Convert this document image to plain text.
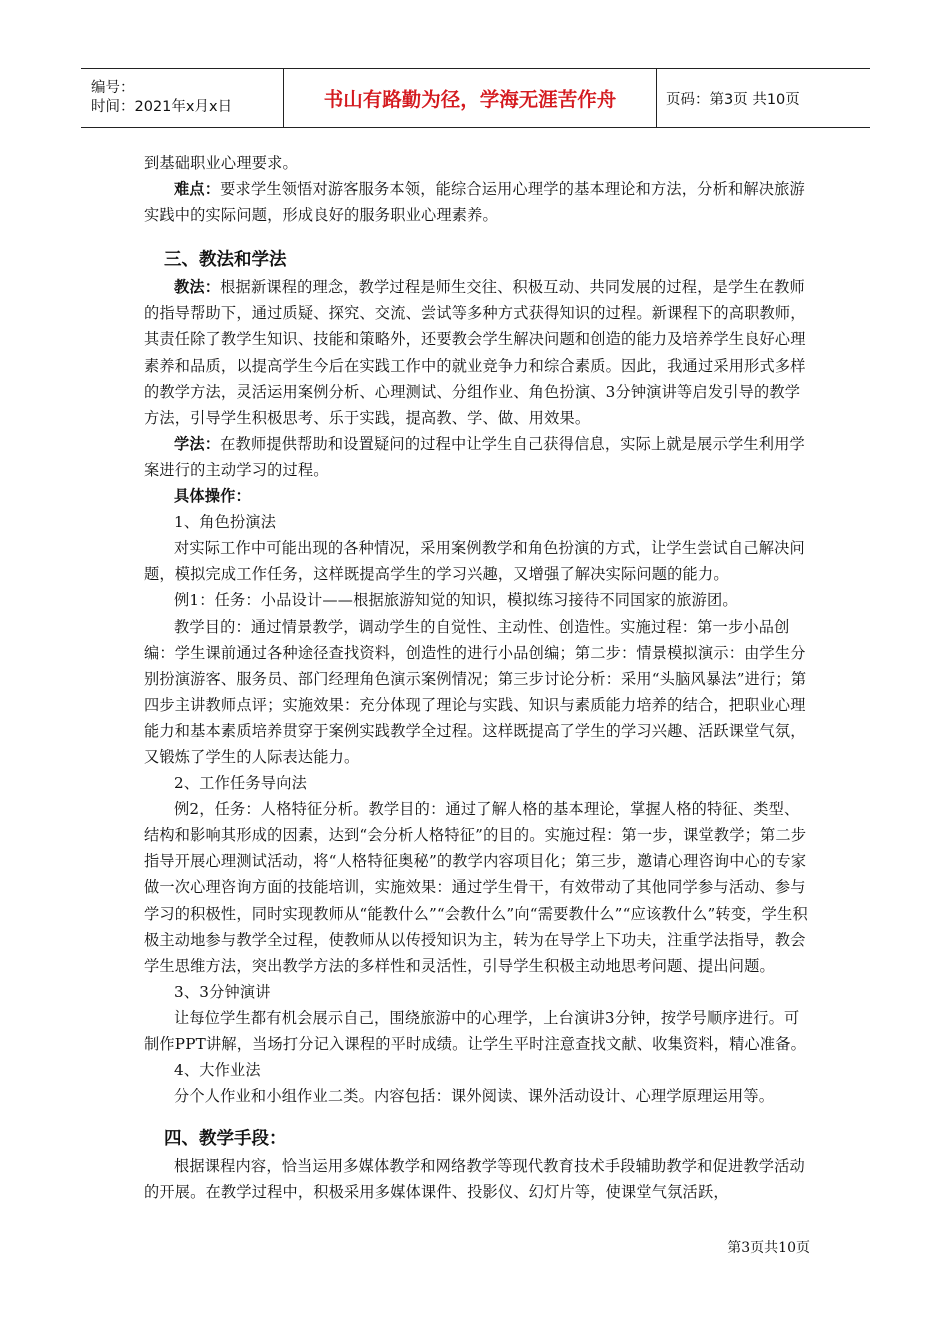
编号：
时间：2021年x月x日	书山有路勤为径，学海无涯苦作舟	页码：第3页 共10页

到基础职业心理要求。

难点：要求学生领悟对游客服务本领，能综合运用心理学的基本理论和方法，分析和解决旅游实践中的实际问题，形成良好的服务职业心理素养。

三、教法和学法

教法：根据新课程的理念，教学过程是师生交往、积极互动、共同发展的过程，是学生在教师的指导帮助下，通过质疑、探究、交流、尝试等多种方式获得知识的过程。新课程下的高职教师，其责任除了教学生知识、技能和策略外，还要教会学生解决问题和创造的能力及培养学生良好心理素养和品质，以提高学生今后在实践工作中的就业竞争力和综合素质。因此，我通过采用形式多样的教学方法，灵活运用案例分析、心理测试、分组作业、角色扮演、3分钟演讲等启发引导的教学方法，引导学生积极思考、乐于实践，提高教、学、做、用效果。

学法：在教师提供帮助和设置疑问的过程中让学生自己获得信息，实际上就是展示学生利用学案进行的主动学习的过程。

具体操作：

1、角色扮演法

对实际工作中可能出现的各种情况，采用案例教学和角色扮演的方式，让学生尝试自己解决问题，模拟完成工作任务，这样既提高学生的学习兴趣，又增强了解决实际问题的能力。

例1：任务：小品设计——根据旅游知觉的知识，模拟练习接待不同国家的旅游团。

教学目的：通过情景教学，调动学生的自觉性、主动性、创造性。实施过程：第一步小品创编：学生课前通过各种途径查找资料，创造性的进行小品创编；第二步：情景模拟演示：由学生分别扮演游客、服务员、部门经理角色演示案例情况；第三步讨论分析：采用“头脑风暴法”进行；第四步主讲教师点评；实施效果：充分体现了理论与实践、知识与素质能力培养的结合，把职业心理能力和基本素质培养贯穿于案例实践教学全过程。这样既提高了学生的学习兴趣、活跃课堂气氛，又锻炼了学生的人际表达能力。

2、工作任务导向法

例2，任务：人格特征分析。教学目的：通过了解人格的基本理论，掌握人格的特征、类型、结构和影响其形成的因素，达到“会分析人格特征”的目的。实施过程：第一步，课堂教学；第二步指导开展心理测试活动，将“人格特征奥秘”的教学内容项目化；第三步，邀请心理咨询中心的专家做一次心理咨询方面的技能培训，实施效果：通过学生骨干，有效带动了其他同学参与活动、参与学习的积极性，同时实现教师从“能教什么”“会教什么”向“需要教什么”“应该教什么”转变，学生积极主动地参与教学全过程，使教师从以传授知识为主，转为在导学上下功夫，注重学法指导，教会学生思维方法，突出教学方法的多样性和灵活性，引导学生积极主动地思考问题、提出问题。

3、3分钟演讲

让每位学生都有机会展示自己，围绕旅游中的心理学，上台演讲3分钟，按学号顺序进行。可制作PPT讲解，当场打分记入课程的平时成绩。让学生平时注意查找文献、收集资料，精心准备。

4、大作业法

分个人作业和小组作业二类。内容包括：课外阅读、课外活动设计、心理学原理运用等。

四、教学手段：

根据课程内容，恰当运用多媒体教学和网络教学等现代教育技术手段辅助教学和促进教学活动的开展。在教学过程中，积极采用多媒体课件、投影仪、幻灯片等，使课堂气氛活跃，

第3页共10页
